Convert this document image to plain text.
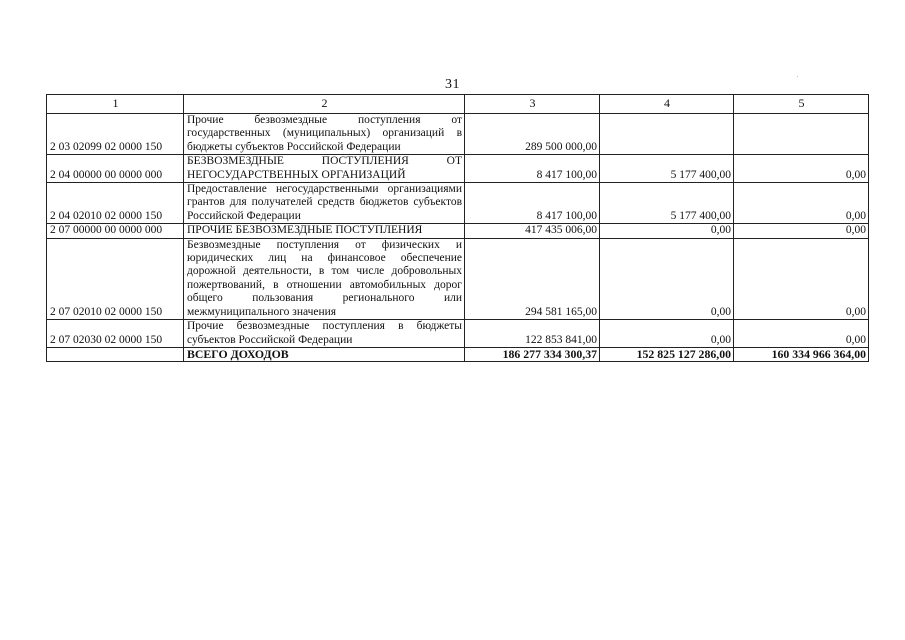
31
1	2	3	4	5
2 03 02099 02 0000 150	Прочие безвозмездные поступления от государственных (муниципальных) организаций в бюджеты субъектов Российской Федерации	289 500 000,00		
2 04 00000 00 0000 000	БЕЗВОЗМЕЗДНЫЕ ПОСТУПЛЕНИЯ ОТ НЕГОСУДАРСТВЕННЫХ ОРГАНИЗАЦИЙ	8 417 100,00	5 177 400,00	0,00
2 04 02010 02 0000 150	Предоставление негосударственными организациями грантов для получателей средств бюджетов субъектов Российской Федерации	8 417 100,00	5 177 400,00	0,00
2 07 00000 00 0000 000	ПРОЧИЕ БЕЗВОЗМЕЗДНЫЕ ПОСТУПЛЕНИЯ	417 435 006,00	0,00	0,00
2 07 02010 02 0000 150	Безвозмездные поступления от физических и юридических лиц на финансовое обеспечение дорожной деятельности, в том числе добровольных пожертвований, в отношении автомобильных дорог общего пользования регионального или межмуниципального значения	294 581 165,00	0,00	0,00
2 07 02030 02 0000 150	Прочие безвозмездные поступления в бюджеты субъектов Российской Федерации	122 853 841,00	0,00	0,00
	ВСЕГО ДОХОДОВ	186 277 334 300,37	152 825 127 286,00	160 334 966 364,00
